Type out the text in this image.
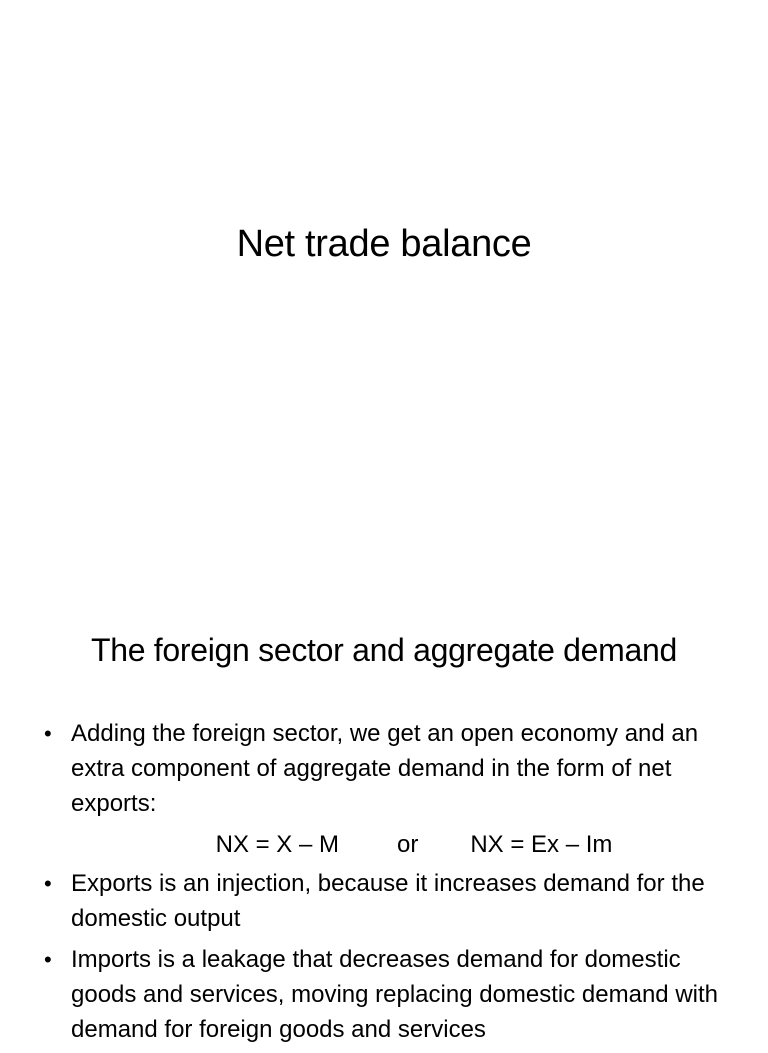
Net trade balance
The foreign sector and aggregate demand
• Adding the foreign sector, we get an open economy and an extra component of aggregate demand in the form of net exports:
NX = X – M or NX = Ex – Im
• Exports is an injection, because it increases demand for the domestic output
• Imports is a leakage that decreases demand for domestic goods and services, moving replacing domestic demand with demand for foreign goods and services
